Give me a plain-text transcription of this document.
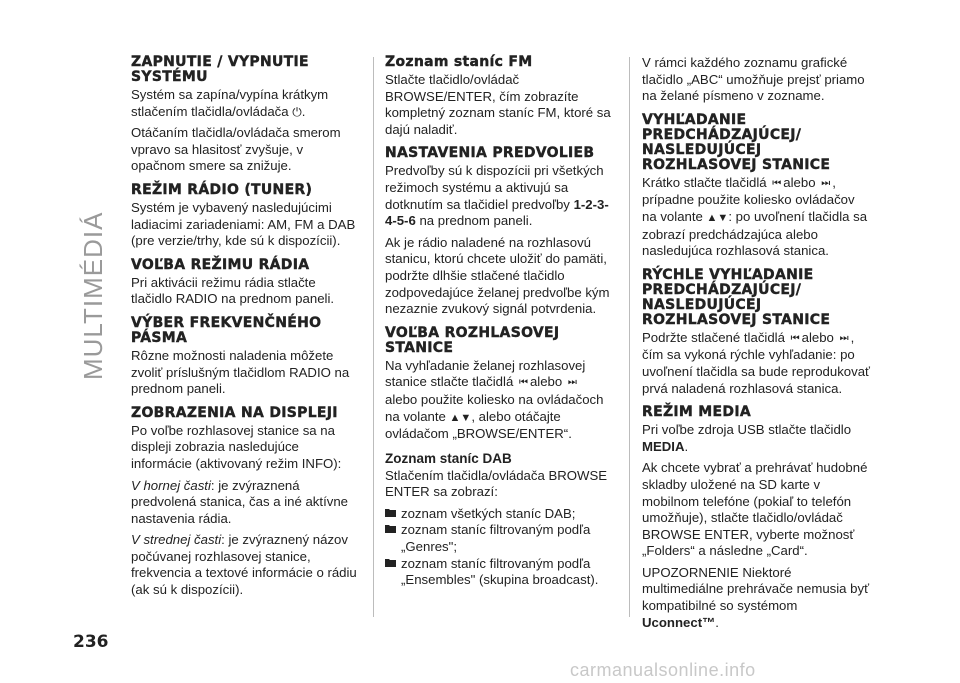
MULTIMÉDIÁ
ZAPNUTIE / VYPNUTIE SYSTÉMU

Systém sa zapína/vypína krátkym stlačením tlačidla/ovládača ⏻.

Otáčaním tlačidla/ovládača smerom vpravo sa hlasitosť zvyšuje, v opačnom smere sa znižuje.

REŽIM RÁDIO (TUNER)

Systém je vybavený nasledujúcimi ladiacimi zariadeniami: AM, FM a DAB (pre verzie/trhy, kde sú k dispozícii).

VOĽBA REŽIMU RÁDIA

Pri aktivácii režimu rádia stlačte tlačidlo RADIO na prednom paneli.

VÝBER FREKVENČNÉHO PÁSMA

Rôzne možnosti naladenia môžete zvoliť príslušným tlačidlom RADIO na prednom paneli.

ZOBRAZENIA NA DISPLEJI

Po voľbe rozhlasovej stanice sa na displeji zobrazia nasledujúce informácie (aktivovaný režim INFO):

V hornej časti: je zvýraznená predvolená stanica, čas a iné aktívne nastavenia rádia.

V strednej časti: je zvýraznený názov počúvanej rozhlasovej stanice, frekvencia a textové informácie o rádiu (ak sú k dispozícii).

Zoznam staníc FM

Stlačte tlačidlo/ovládač BROWSE/ENTER, čím zobrazíte kompletný zoznam staníc FM, ktoré sa dajú naladiť.

NASTAVENIA PREDVOLIEB

Predvoľby sú k dispozícii pri všetkých režimoch systému a aktivujú sa dotknutím sa tlačidiel predvoľby 1-2-3-4-5-6 na prednom paneli.

Ak je rádio naladené na rozhlasovú stanicu, ktorú chcete uložiť do pamäti, podržte dlhšie stlačené tlačidlo zodpovedajúce želanej predvoľbe kým nezaznie zvukový signál potvrdenia.

VOĽBA ROZHLASOVEJ STANICE

Na vyhľadanie želanej rozhlasovej stanice stlačte tlačidlá ⏮ alebo ⏭ alebo použite koliesko na ovládačoch na volante ▲▼, alebo otáčajte ovládačom „BROWSE/ENTER“.

Zoznam staníc DAB

Stlačením tlačidla/ovládača BROWSE ENTER sa zobrazí:

zoznam všetkých staníc DAB;
zoznam staníc filtrovaným podľa „Genres";
zoznam staníc filtrovaným podľa „Ensembles" (skupina broadcast).

V rámci každého zoznamu grafické tlačidlo „ABC“ umožňuje prejsť priamo na želané písmeno v zozname.

VYHĽADANIE PREDCHÁDZAJÚCEJ/ NASLEDUJÚCEJ ROZHLASOVEJ STANICE

Krátko stlačte tlačidlá ⏮ alebo ⏭ , prípadne použite koliesko ovládačov na volante ▲▼: po uvoľnení tlačidla sa zobrazí predchádzajúca alebo nasledujúca rozhlasová stanica.

RÝCHLE VYHĽADANIE PREDCHÁDZAJÚCEJ/ NASLEDUJÚCEJ ROZHLASOVEJ STANICE

Podržte stlačené tlačidlá ⏮ alebo ⏭ , čím sa vykoná rýchle vyhľadanie: po uvoľnení tlačidla sa bude reprodukovať prvá naladená rozhlasová stanica.

REŽIM MEDIA

Pri voľbe zdroja USB stlačte tlačidlo MEDIA.

Ak chcete vybrať a prehrávať hudobné skladby uložené na SD karte v mobilnom telefóne (pokiaľ to telefón umožňuje), stlačte tlačidlo/ovládač BROWSE ENTER, vyberte možnosť „Folders“ a následne „Card“.

UPOZORNENIE Niektoré multimediálne prehrávače nemusia byť kompatibilné so systémom Uconnect™.

236
carmanualsonline.info
